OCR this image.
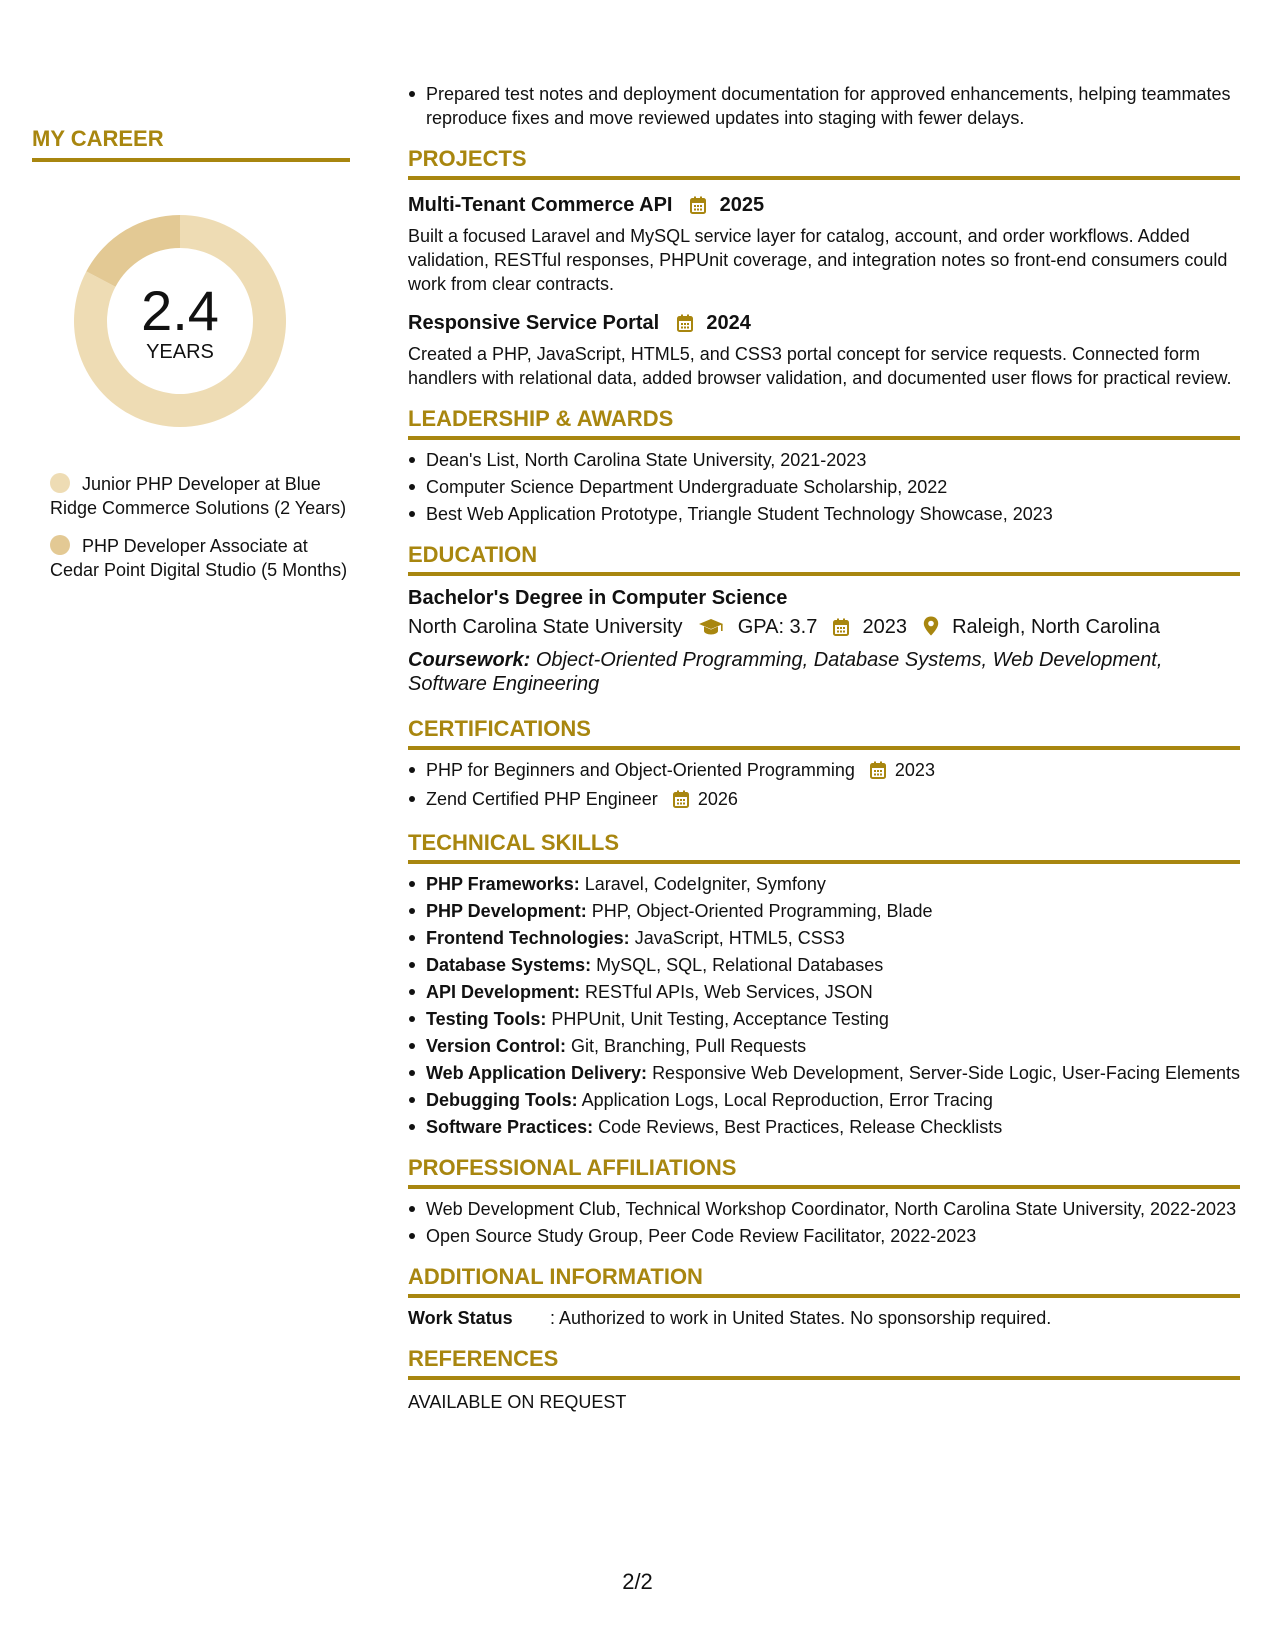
MY CAREER
2.4
YEARS
Junior PHP Developer at Blue Ridge Commerce Solutions (2 Years)
PHP Developer Associate at Cedar Point Digital Studio (5 Months)
Prepared test notes and deployment documentation for approved enhancements, helping teammates reproduce fixes and move reviewed updates into staging with fewer delays.
PROJECTS
Multi-Tenant Commerce API 2025
Built a focused Laravel and MySQL service layer for catalog, account, and order workflows. Added validation, RESTful responses, PHPUnit coverage, and integration notes so front-end consumers could work from clear contracts.
Responsive Service Portal 2024
Created a PHP, JavaScript, HTML5, and CSS3 portal concept for service requests. Connected form handlers with relational data, added browser validation, and documented user flows for practical review.
LEADERSHIP & AWARDS
Dean's List, North Carolina State University, 2021-2023
Computer Science Department Undergraduate Scholarship, 2022
Best Web Application Prototype, Triangle Student Technology Showcase, 2023
EDUCATION
Bachelor's Degree in Computer Science
North Carolina State University	GPA: 3.7 2023 Raleigh, North Carolina
Coursework: Object-Oriented Programming, Database Systems, Web Development, Software Engineering
CERTIFICATIONS
PHP for Beginners and Object-Oriented Programming 2023
Zend Certified PHP Engineer 2026
TECHNICAL SKILLS
PHP Frameworks: Laravel, CodeIgniter, Symfony
PHP Development: PHP, Object-Oriented Programming, Blade
Frontend Technologies: JavaScript, HTML5, CSS3
Database Systems: MySQL, SQL, Relational Databases
API Development: RESTful APIs, Web Services, JSON
Testing Tools: PHPUnit, Unit Testing, Acceptance Testing
Version Control: Git, Branching, Pull Requests
Web Application Delivery: Responsive Web Development, Server-Side Logic, User-Facing Elements
Debugging Tools: Application Logs, Local Reproduction, Error Tracing
Software Practices: Code Reviews, Best Practices, Release Checklists
PROFESSIONAL AFFILIATIONS
Web Development Club, Technical Workshop Coordinator, North Carolina State University, 2022-2023
Open Source Study Group, Peer Code Review Facilitator, 2022-2023
ADDITIONAL INFORMATION
Work Status : Authorized to work in United States. No sponsorship required.
REFERENCES
AVAILABLE ON REQUEST
2/2
